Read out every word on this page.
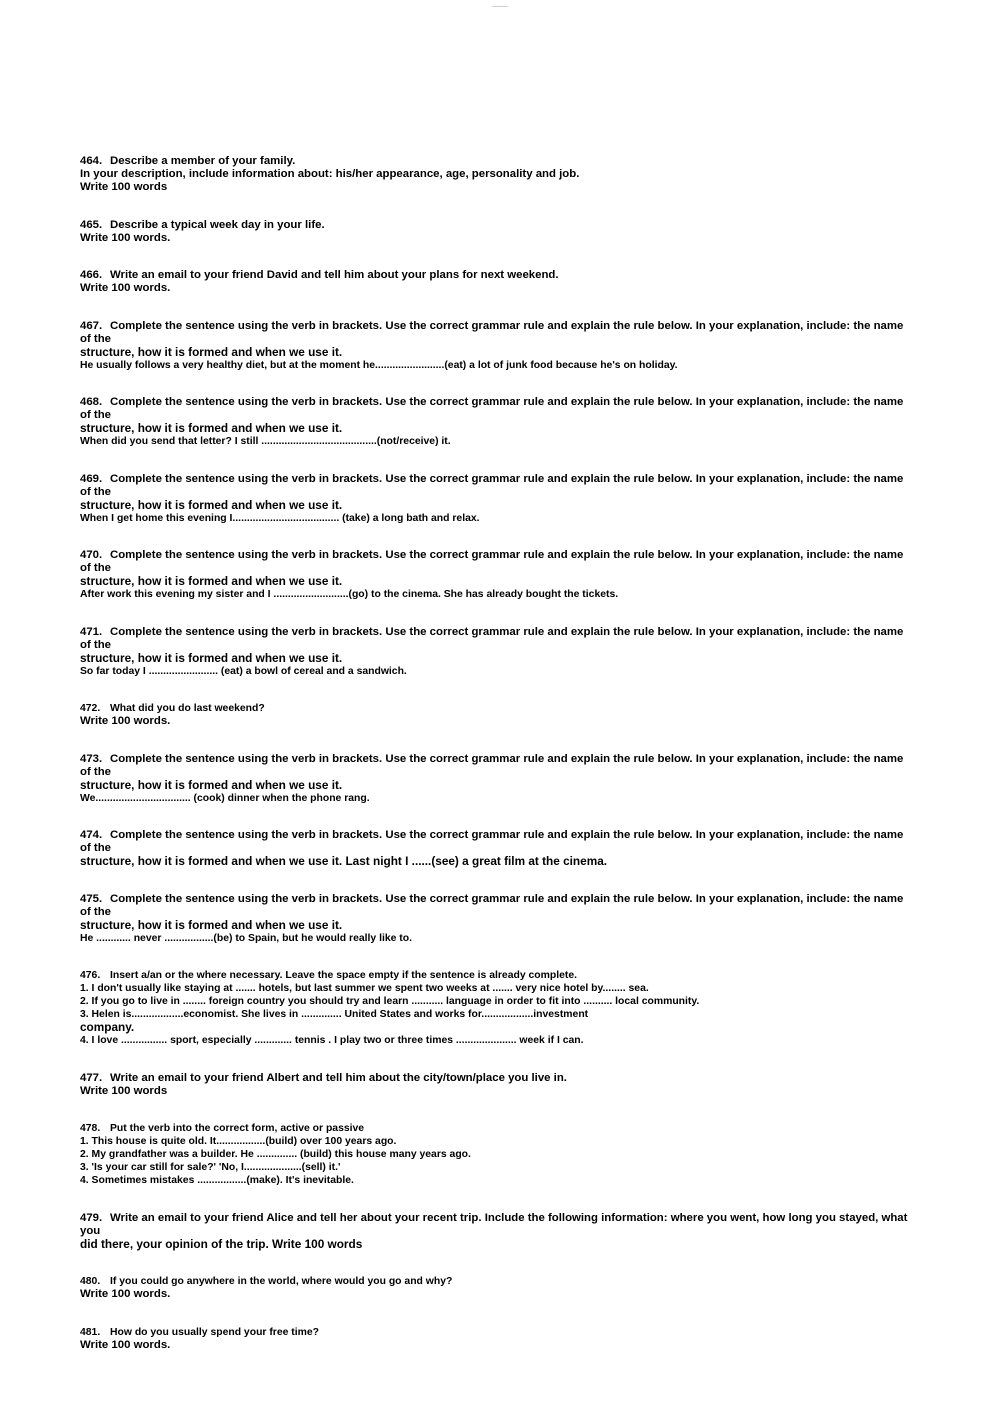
____
464. Describe a member of your family.
In your description, include information about: his/her appearance, age, personality and job.
Write 100 words
465. Describe a typical week day in your life.
Write 100 words.
466. Write an email to your friend David and tell him about your plans for next weekend.
Write 100 words.
467. Complete the sentence using the verb in brackets. Use the correct grammar rule and explain the rule below. In your explanation, include: the name of the
structure, how it is formed and when we use it.
He usually follows a very healthy diet, but at the moment he........................(eat) a lot of junk food because he's on holiday.
468. Complete the sentence using the verb in brackets. Use the correct grammar rule and explain the rule below. In your explanation, include: the name of the
structure, how it is formed and when we use it.
When did you send that letter? I still ........................................(not/receive) it.
469. Complete the sentence using the verb in brackets. Use the correct grammar rule and explain the rule below. In your explanation, include: the name of the
structure, how it is formed and when we use it.
When I get home this evening I..................................... (take) a long bath and relax.
470. Complete the sentence using the verb in brackets. Use the correct grammar rule and explain the rule below. In your explanation, include: the name of the
structure, how it is formed and when we use it.
After work this evening my sister and I ..........................(go) to the cinema. She has already bought the tickets.
471. Complete the sentence using the verb in brackets. Use the correct grammar rule and explain the rule below. In your explanation, include: the name of the
structure, how it is formed and when we use it.
So far today I ........................ (eat) a bowl of cereal and a sandwich.
472. What did you do last weekend?
Write 100 words.
473. Complete the sentence using the verb in brackets. Use the correct grammar rule and explain the rule below. In your explanation, include: the name of the
structure, how it is formed and when we use it.
We................................. (cook) dinner when the phone rang.
474. Complete the sentence using the verb in brackets. Use the correct grammar rule and explain the rule below. In your explanation, include: the name of the
structure, how it is formed and when we use it. Last night I ......(see) a great film at the cinema.
475. Complete the sentence using the verb in brackets. Use the correct grammar rule and explain the rule below. In your explanation, include: the name of the
structure, how it is formed and when we use it.
He ............ never .................(be) to Spain, but he would really like to.
476. Insert a/an or the where necessary. Leave the space empty if the sentence is already complete.
1. I don't usually like staying at ....... hotels, but last summer we spent two weeks at ....... very nice hotel by........ sea.
2. If you go to live in ........ foreign country you should try and learn ........... language in order to fit into .......... local community.
3. Helen is..................economist. She lives in .............. United States and works for..................investment
company.
4. I love ................ sport, especially ............. tennis . I play two or three times ..................... week if I can.
477. Write an email to your friend Albert and tell him about the city/town/place you live in.
Write 100 words
478. Put the verb into the correct form, active or passive
1. This house is quite old. It.................(build) over 100 years ago.
2. My grandfather was a builder. He .............. (build) this house many years ago.
3. 'Is your car still for sale?' 'No, I....................(sell) it.'
4. Sometimes mistakes .................(make). It's inevitable.
479. Write an email to your friend Alice and tell her about your recent trip. Include the following information: where you went, how long you stayed, what you
did there, your opinion of the trip. Write 100 words
480. If you could go anywhere in the world, where would you go and why?
Write 100 words.
481. How do you usually spend your free time?
Write 100 words.
